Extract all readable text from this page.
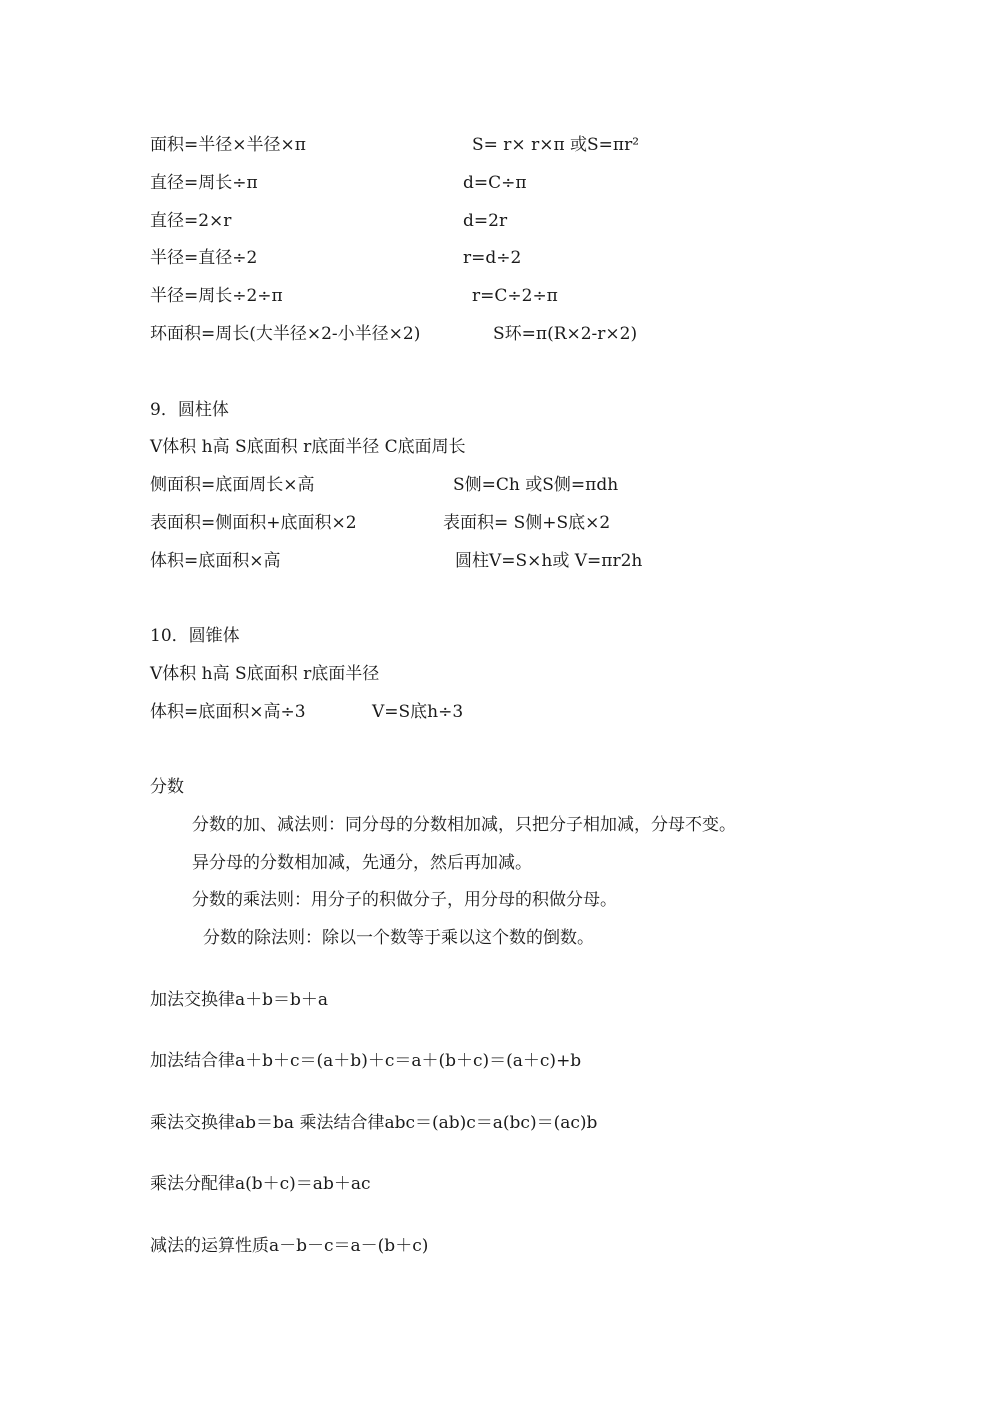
面积=半径×半径×π	S= r× r×π 或S=πr²
直径=周长÷π	d=C÷π
直径=2×r	d=2r
半径=直径÷2	r=d÷2
半径=周长÷2÷π	r=C÷2÷π
环面积=周长(大半径×2-小半径×2)	S环=π(R×2-r×2)
9．圆柱体
V体积 h高 S底面积 r底面半径 C底面周长
侧面积=底面周长×高	S侧=Ch 或S侧=πdh
表面积=侧面积+底面积×2	表面积= S侧+S底×2
体积=底面积×高	圆柱V=S×h或 V=πr2h
10．圆锥体
V体积 h高 S底面积 r底面半径
体积=底面积×高÷3	V=S底h÷3
分数
分数的加、减法则：同分母的分数相加减，只把分子相加减，分母不变。
异分母的分数相加减，先通分，然后再加减。
分数的乘法则：用分子的积做分子，用分母的积做分母。
分数的除法则：除以一个数等于乘以这个数的倒数。
加法交换律a＋b＝b＋a
加法结合律a＋b＋c＝(a＋b)＋c＝a＋(b＋c)＝(a＋c)+b
乘法交换律ab＝ba 乘法结合律abc＝(ab)c＝a(bc)＝(ac)b
乘法分配律a(b＋c)＝ab＋ac
减法的运算性质a－b－c＝a－(b＋c)
